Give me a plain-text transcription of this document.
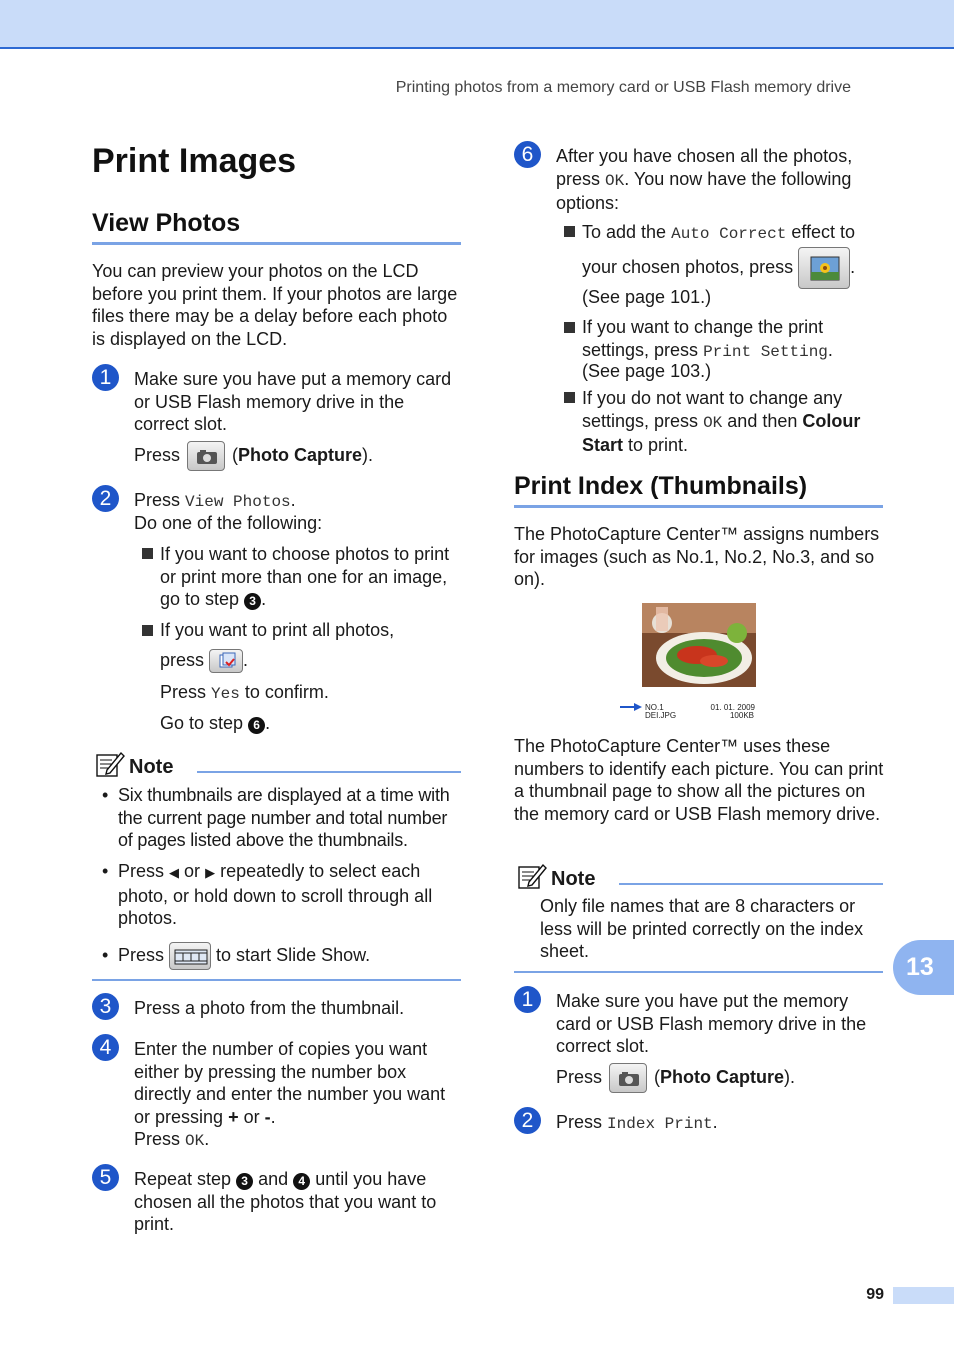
Printing photos from a memory card or USB Flash memory drive
Print Images
View Photos
You can preview your photos on the LCD before you print them. If your photos are large files there may be a delay before each photo is displayed on the LCD.
1	Make sure you have put a memory card or USB Flash memory drive in the correct slot.
Press	(Photo Capture).
2	Press View Photos.
Do one of the following:
If you want to choose photos to print or print more than one for an image, go to step 3 .
If you want to print all photos,
press .
Press Yes to confirm.
Go to step 6 .
Note
• Six thumbnails are displayed at a time with the current page number and total number of pages listed above the thumbnails.
• Press ◀ or ▶ repeatedly to select each photo, or hold down to scroll through all photos.
• Press	to start Slide Show.
3	Press a photo from the thumbnail.
4	Enter the number of copies you want either by pressing the number box directly and enter the number you want or pressing + or -.
Press OK.
5	Repeat step 3 and 4 until you have chosen all the photos that you want to print.
6	After you have chosen all the photos, press OK. You now have the following options:
To add the Auto Correct effect to
your chosen photos, press	.
(See page 101.)
If you want to change the print settings, press Print Setting.
(See page 103.)
If you do not want to change any settings, press OK and then Colour Start to print.
Print Index (Thumbnails)
The PhotoCapture Center™ assigns numbers for images (such as No.1, No.2, No.3, and so on).
NO.1
DEI.JPG
01. 01. 2009
100KB
The PhotoCapture Center™ uses these numbers to identify each picture. You can print a thumbnail page to show all the pictures on the memory card or USB Flash memory drive.
Note
Only file names that are 8 characters or less will be printed correctly on the index sheet.
1	Make sure you have put the memory card or USB Flash memory drive in the correct slot.
Press	(Photo Capture).
2	Press Index Print.
13
99
